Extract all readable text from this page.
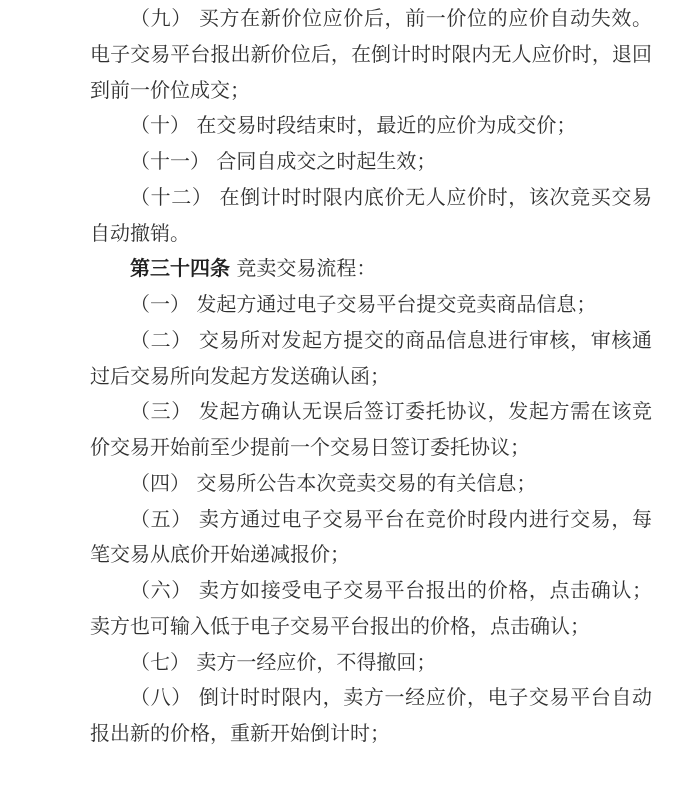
（九） 买方在新价位应价后，前一价位的应价自动失效。电子交易平台报出新价位后，在倒计时时限内无人应价时，退回到前一价位成交；

（十） 在交易时段结束时，最近的应价为成交价；

（十一） 合同自成交之时起生效；

（十二） 在倒计时时限内底价无人应价时，该次竞买交易自动撤销。

第三十四条 竞卖交易流程：

（一） 发起方通过电子交易平台提交竞卖商品信息；

（二） 交易所对发起方提交的商品信息进行审核，审核通过后交易所向发起方发送确认函；

（三） 发起方确认无误后签订委托协议，发起方需在该竞价交易开始前至少提前一个交易日签订委托协议；

（四） 交易所公告本次竞卖交易的有关信息；

（五） 卖方通过电子交易平台在竞价时段内进行交易，每笔交易从底价开始递减报价；

（六） 卖方如接受电子交易平台报出的价格，点击确认；卖方也可输入低于电子交易平台报出的价格，点击确认；

（七） 卖方一经应价，不得撤回；

（八） 倒计时时限内，卖方一经应价，电子交易平台自动报出新的价格，重新开始倒计时；
